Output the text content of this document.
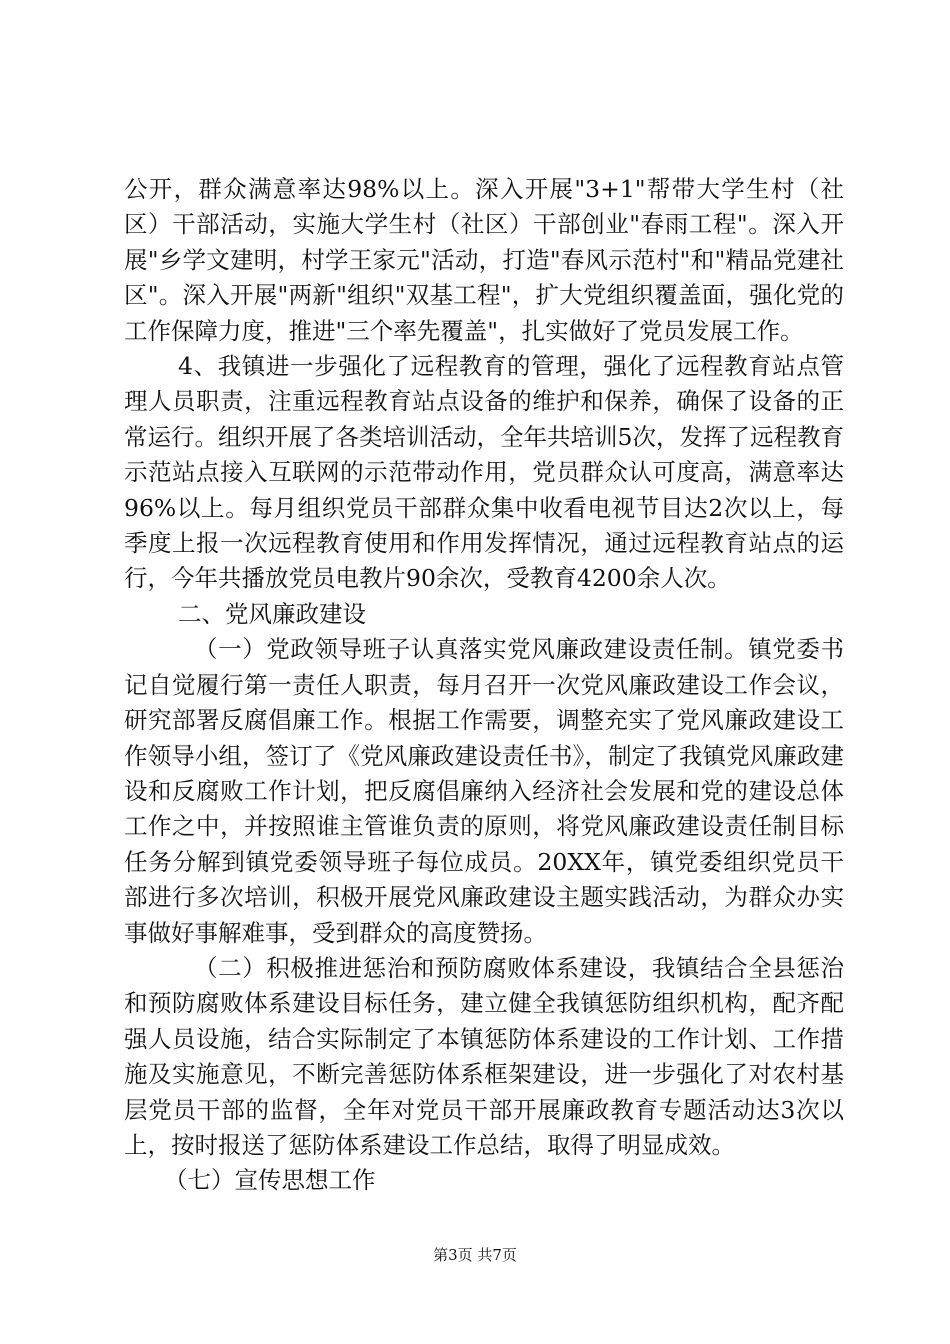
公开，群众满意率达98%以上。深入开展"3+1"帮带大学生村（社区）干部活动，实施大学生村（社区）干部创业"春雨工程"。深入开展"乡学文建明，村学王家元"活动，打造"春风示范村"和"精品党建社区"。深入开展"两新"组织"双基工程"，扩大党组织覆盖面，强化党的工作保障力度，推进"三个率先覆盖"，扎实做好了党员发展工作。

4、我镇进一步强化了远程教育的管理，强化了远程教育站点管理人员职责，注重远程教育站点设备的维护和保养，确保了设备的正常运行。组织开展了各类培训活动，全年共培训5次，发挥了远程教育示范站点接入互联网的示范带动作用，党员群众认可度高，满意率达96%以上。每月组织党员干部群众集中收看电视节目达2次以上，每季度上报一次远程教育使用和作用发挥情况，通过远程教育站点的运行，今年共播放党员电教片90余次，受教育4200余人次。

二、党风廉政建设

（一）党政领导班子认真落实党风廉政建设责任制。镇党委书记自觉履行第一责任人职责，每月召开一次党风廉政建设工作会议，研究部署反腐倡廉工作。根据工作需要，调整充实了党风廉政建设工作领导小组，签订了《党风廉政建设责任书》，制定了我镇党风廉政建设和反腐败工作计划，把反腐倡廉纳入经济社会发展和党的建设总体工作之中，并按照谁主管谁负责的原则，将党风廉政建设责任制目标任务分解到镇党委领导班子每位成员。20XX年，镇党委组织党员干部进行多次培训，积极开展党风廉政建设主题实践活动，为群众办实事做好事解难事，受到群众的高度赞扬。

（二）积极推进惩治和预防腐败体系建设，我镇结合全县惩治和预防腐败体系建设目标任务，建立健全我镇惩防组织机构，配齐配强人员设施，结合实际制定了本镇惩防体系建设的工作计划、工作措施及实施意见，不断完善惩防体系框架建设，进一步强化了对农村基层党员干部的监督，全年对党员干部开展廉政教育专题活动达3次以上，按时报送了惩防体系建设工作总结，取得了明显成效。

（七）宣传思想工作

第3页 共7页
